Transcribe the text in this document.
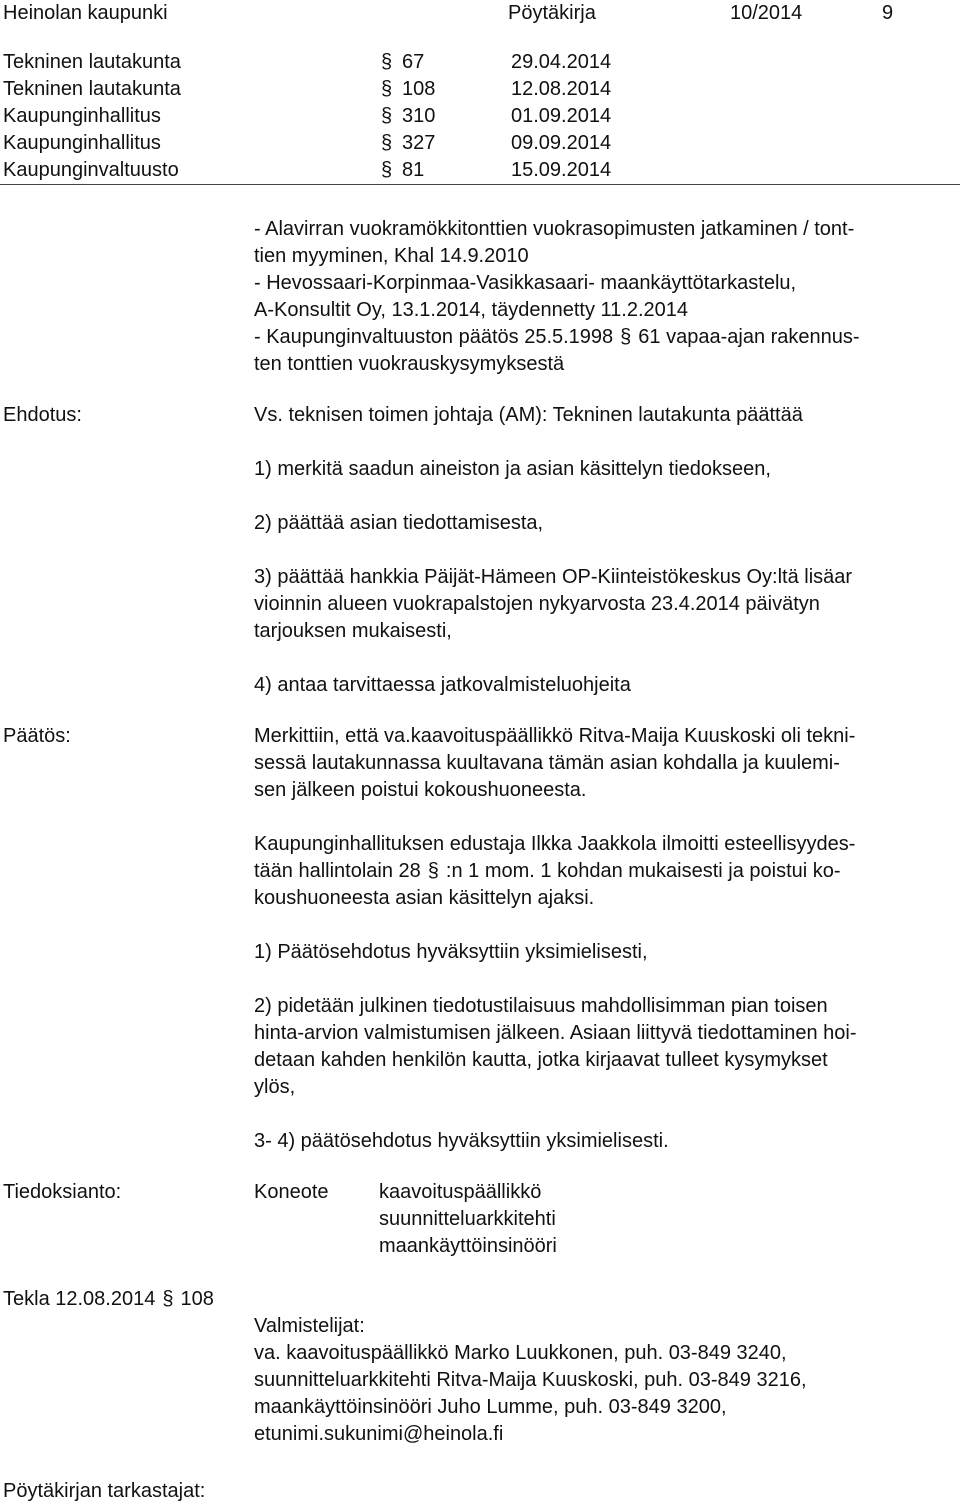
Heinolan kaupunki	Pöytäkirja	10/2014	9
Tekninen lautakunta	§ 67	29.04.2014
Tekninen lautakunta	§ 108	12.08.2014
Kaupunginhallitus	§ 310	01.09.2014
Kaupunginhallitus	§ 327	09.09.2014
Kaupunginvaltuusto	§ 81	15.09.2014
- Alavirran vuokramökkitonttien vuokrasopimusten jatkaminen / tont-
tien myyminen, Khal 14.9.2010
- Hevossaari-Korpinmaa-Vasikkasaari- maankäyttötarkastelu,
A-Konsultit Oy, 13.1.2014, täydennetty 11.2.2014
- Kaupunginvaltuuston päätös 25.5.1998 § 61 vapaa-ajan rakennus-
ten tonttien vuokrauskysymyksestä
Ehdotus:	Vs. teknisen toimen johtaja (AM): Tekninen lautakunta päättää
1) merkitä saadun aineiston ja asian käsittelyn tiedokseen,
2) päättää asian tiedottamisesta,
3) päättää hankkia Päijät-Hämeen OP-Kiinteistökeskus Oy:ltä lisäar
vioinnin alueen vuokrapalstojen nykyarvosta 23.4.2014 päivätyn
tarjouksen mukaisesti,
4) antaa tarvittaessa jatkovalmisteluohjeita
Päätös:	Merkittiin, että va.kaavoituspäällikkö Ritva-Maija Kuuskoski oli tekni-
sessä lautakunnassa kuultavana tämän asian kohdalla ja kuulemi-
sen jälkeen poistui kokoushuoneesta.
Kaupunginhallituksen edustaja Ilkka Jaakkola ilmoitti esteellisyydes-
tään hallintolain 28 § :n 1 mom. 1 kohdan mukaisesti ja poistui ko-
koushuoneesta asian käsittelyn ajaksi.
1) Päätösehdotus hyväksyttiin yksimielisesti,
2) pidetään julkinen tiedotustilaisuus mahdollisimman pian toisen
hinta-arvion valmistumisen jälkeen. Asiaan liittyvä tiedottaminen hoi-
detaan kahden henkilön kautta, jotka kirjaavat tulleet kysymykset
ylös,
3- 4) päätösehdotus hyväksyttiin yksimielisesti.
Tiedoksianto:	Koneote	kaavoituspäällikkö
suunnitteluarkkitehti
maankäyttöinsinööri
Tekla 12.08.2014 § 108
Valmistelijat:
va. kaavoituspäällikkö Marko Luukkonen, puh. 03-849 3240,
suunnitteluarkkitehti Ritva-Maija Kuuskoski, puh. 03-849 3216,
maankäyttöinsinööri Juho Lumme, puh. 03-849 3200,
etunimi.sukunimi@heinola.fi
Pöytäkirjan tarkastajat:
